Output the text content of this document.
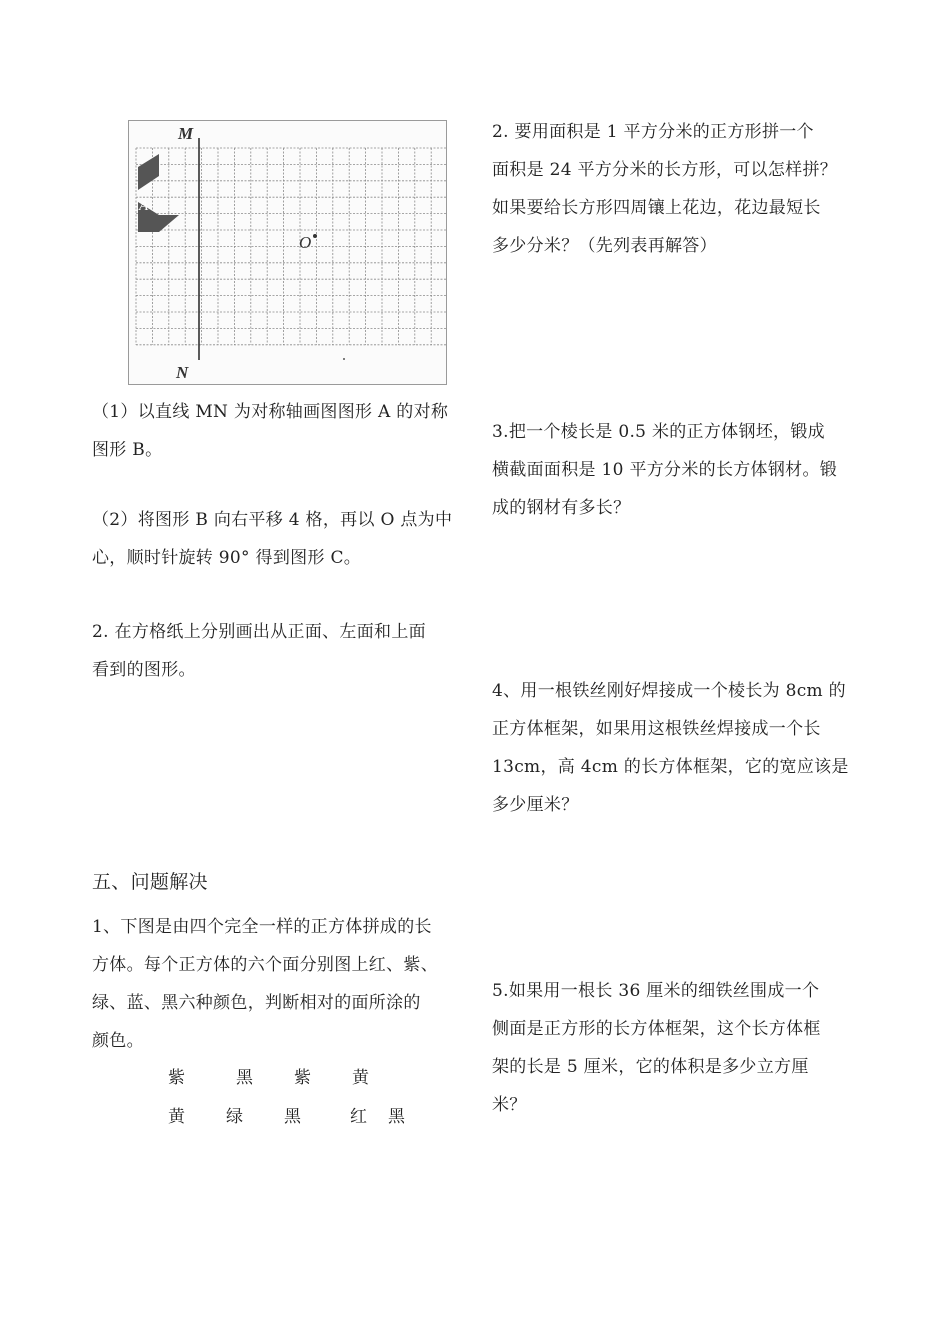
M
N
A
O
（1）以直线 MN 为对称轴画图图形 A 的对称
图形 B。
（2）将图形 B 向右平移 4 格，再以 O 点为中
心，顺时针旋转 90° 得到图形 C。
2. 在方格纸上分别画出从正面、左面和上面
看到的图形。
五、问题解决
1、下图是由四个完全一样的正方体拼成的长
方体。每个正方体的六个面分别图上红、紫、
绿、蓝、黑六种颜色，判断相对的面所涂的
颜色。
紫	黑 紫 黄
黄 绿 黑	红 黑
2. 要用面积是 1 平方分米的正方形拼一个
面积是 24 平方分米的长方形，可以怎样拼？
如果要给长方形四周镶上花边，花边最短长
多少分米？（先列表再解答）
3.把一个棱长是 0.5 米的正方体钢坯，锻成
横截面面积是 10 平方分米的长方体钢材。锻
成的钢材有多长？
4、用一根铁丝刚好焊接成一个棱长为 8cm 的
正方体框架，如果用这根铁丝焊接成一个长
13cm，高 4cm 的长方体框架，它的宽应该是
多少厘米？
5.如果用一根长 36 厘米的细铁丝围成一个
侧面是正方形的长方体框架，这个长方体框
架的长是 5 厘米，它的体积是多少立方厘
米？
